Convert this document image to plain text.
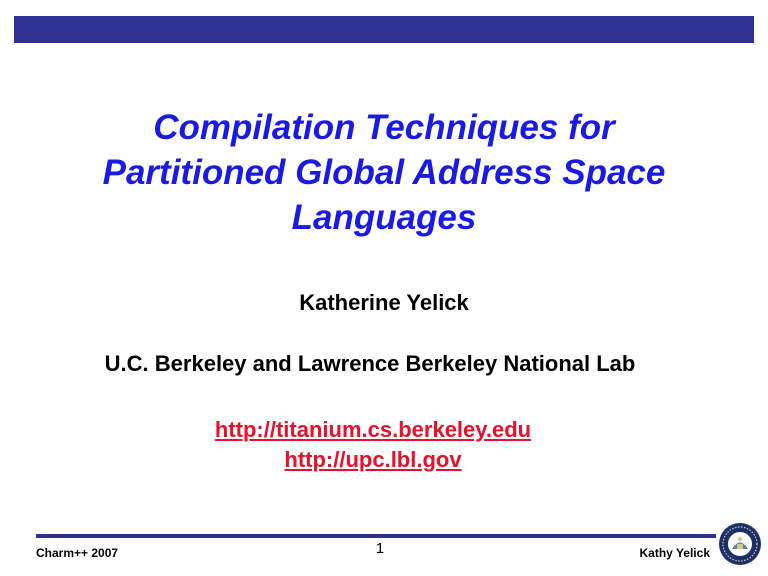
Compilation Techniques for
Partitioned Global Address Space
Languages
Katherine Yelick
U.C. Berkeley and Lawrence Berkeley National Lab
http://titanium.cs.berkeley.edu
http://upc.lbl.gov
Charm++ 2007	1	Kathy Yelick
